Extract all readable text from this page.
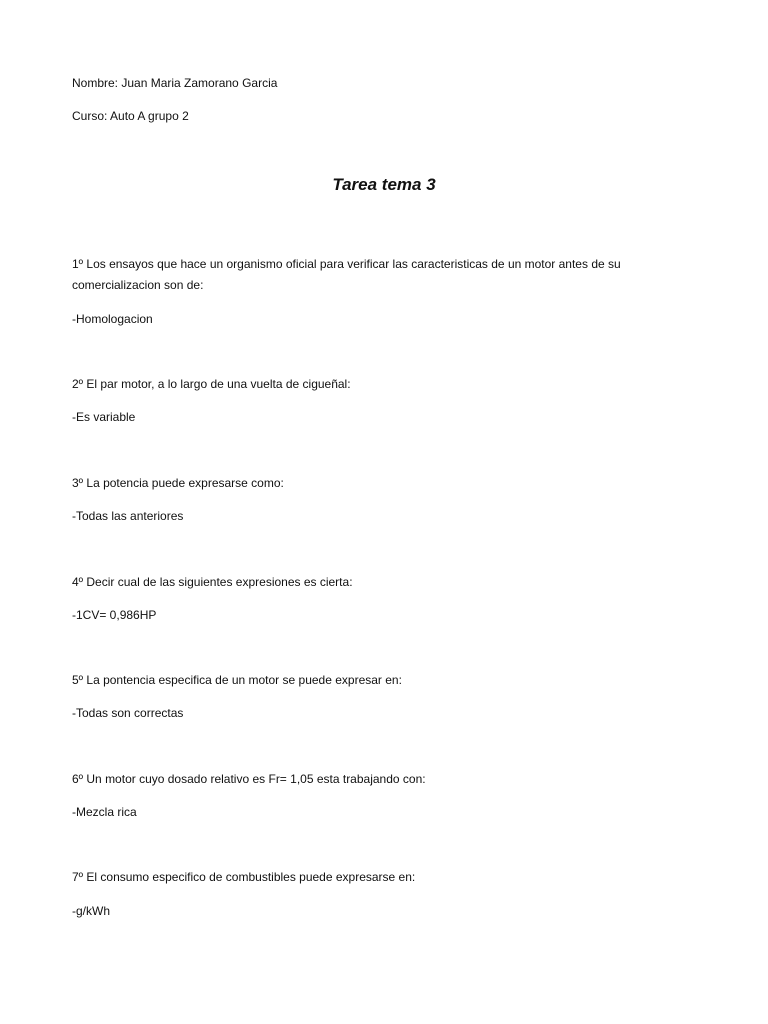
Nombre: Juan Maria Zamorano Garcia
Curso: Auto A grupo 2
Tarea tema 3
1º Los ensayos que hace un organismo oficial para verificar las caracteristicas de un motor antes de su comercializacion son de:
-Homologacion
2º El par motor, a lo largo de una vuelta de cigueñal:
-Es variable
3º La potencia puede expresarse como:
-Todas las anteriores
4º Decir cual de las siguientes expresiones es cierta:
-1CV= 0,986HP
5º La pontencia especifica de un motor se puede expresar en:
-Todas son correctas
6º Un motor cuyo dosado relativo es Fr= 1,05 esta trabajando con:
-Mezcla rica
7º El consumo especifico de combustibles puede expresarse en:
-g/kWh
